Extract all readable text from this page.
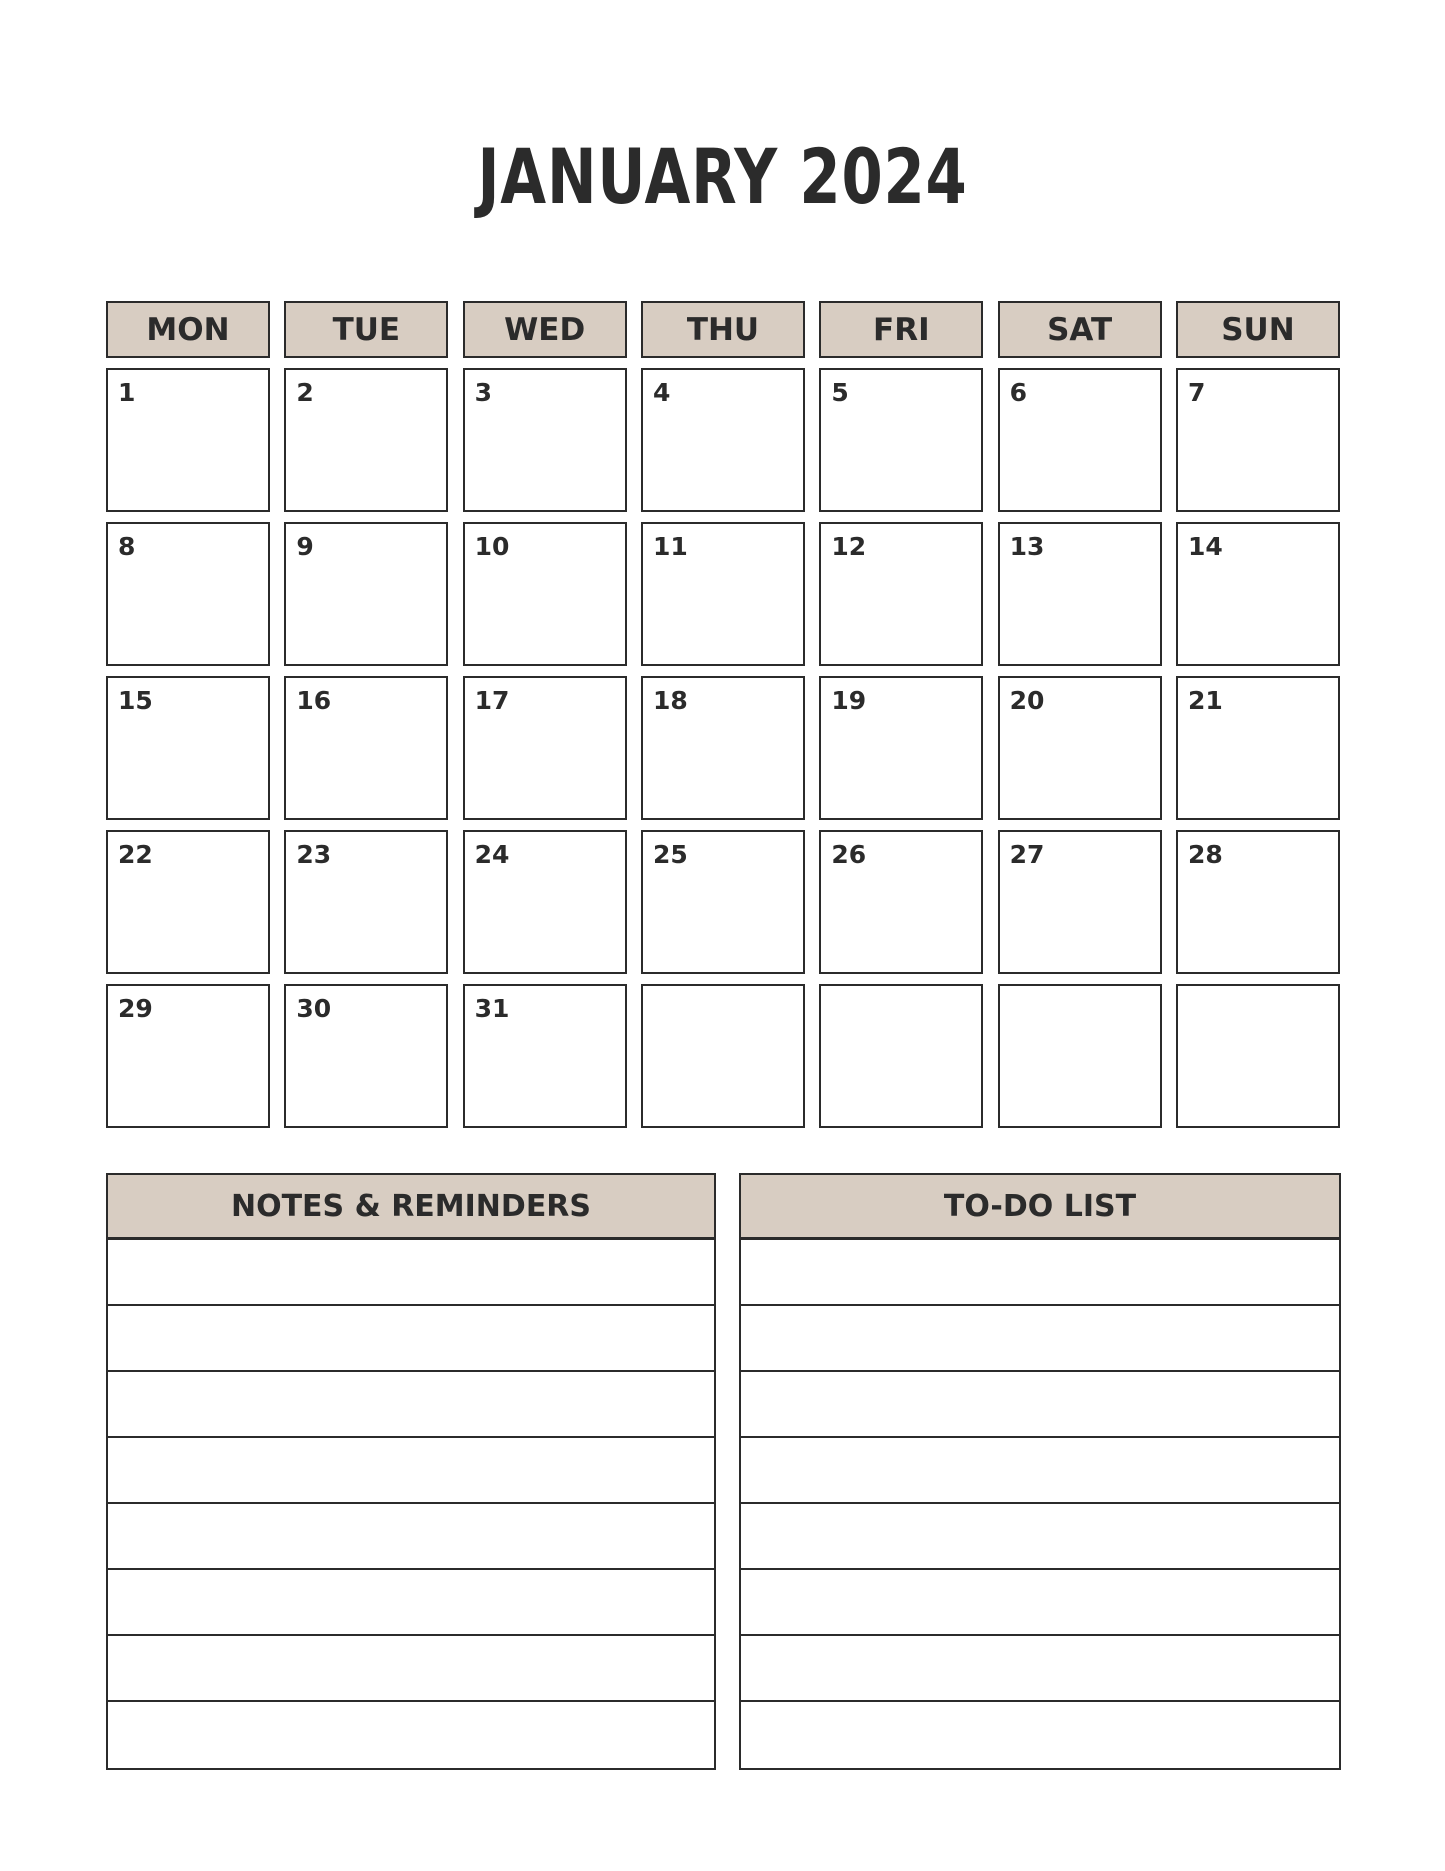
JANUARY 2024
MON	TUE	WED	THU	FRI	SAT	SUN
1	2	3	4	5	6	7
8	9	10	11	12	13	14
15	16	17	18	19	20	21
22	23	24	25	26	27	28
29	30	31
NOTES & REMINDERS	TO-DO LIST
